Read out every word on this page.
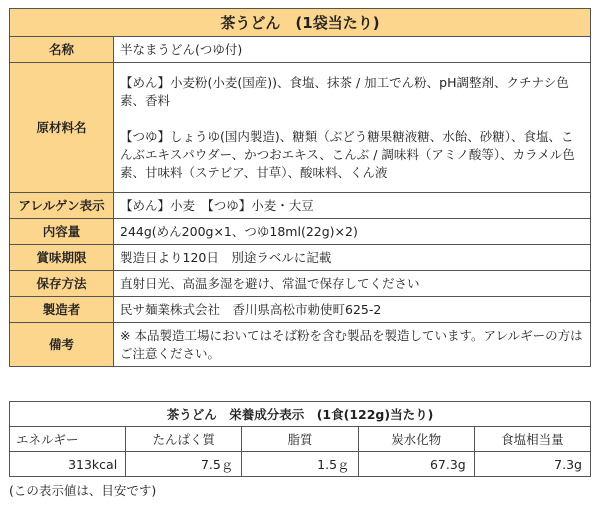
茶うどん　(1袋当たり)	
名称	半なまうどん(つゆ付)
原材料名	【めん】小麦粉(小麦(国産))、食塩、抹茶 / 加工でん粉、pH調整剤、クチナシ色素、香料
【つゆ】しょうゆ(国内製造)、糖類（ぶどう糖果糖液糖、水飴、砂糖）、食塩、こんぶエキスパウダー、かつおエキス、こんぶ / 調味料（アミノ酸等）、カラメル色素、甘味料（ステビア、甘草）、酸味料、くん液

アレルゲン表示	【めん】小麦　【つゆ】小麦・大豆
内容量	244g(めん200g×1、つゆ18ml(22g)×2)
賞味期限	製造日より120日　別途ラベルに記載
保存方法	直射日光、高温多湿を避け、常温で保存してください
製造者	民サ麺業株式会社　香川県高松市勅使町625-2
備考	※ 本品製造工場においてはそば粉を含む製品を製造しています。アレルギーの方はご注意ください。
茶うどん　栄養成分表示　(1食(122g)当たり)				
エネルギー	たんぱく質	脂質	炭水化物	食塩相当量
313kcal	7.5ｇ	1.5ｇ	67.3g	7.3g
(この表示値は、目安です)
